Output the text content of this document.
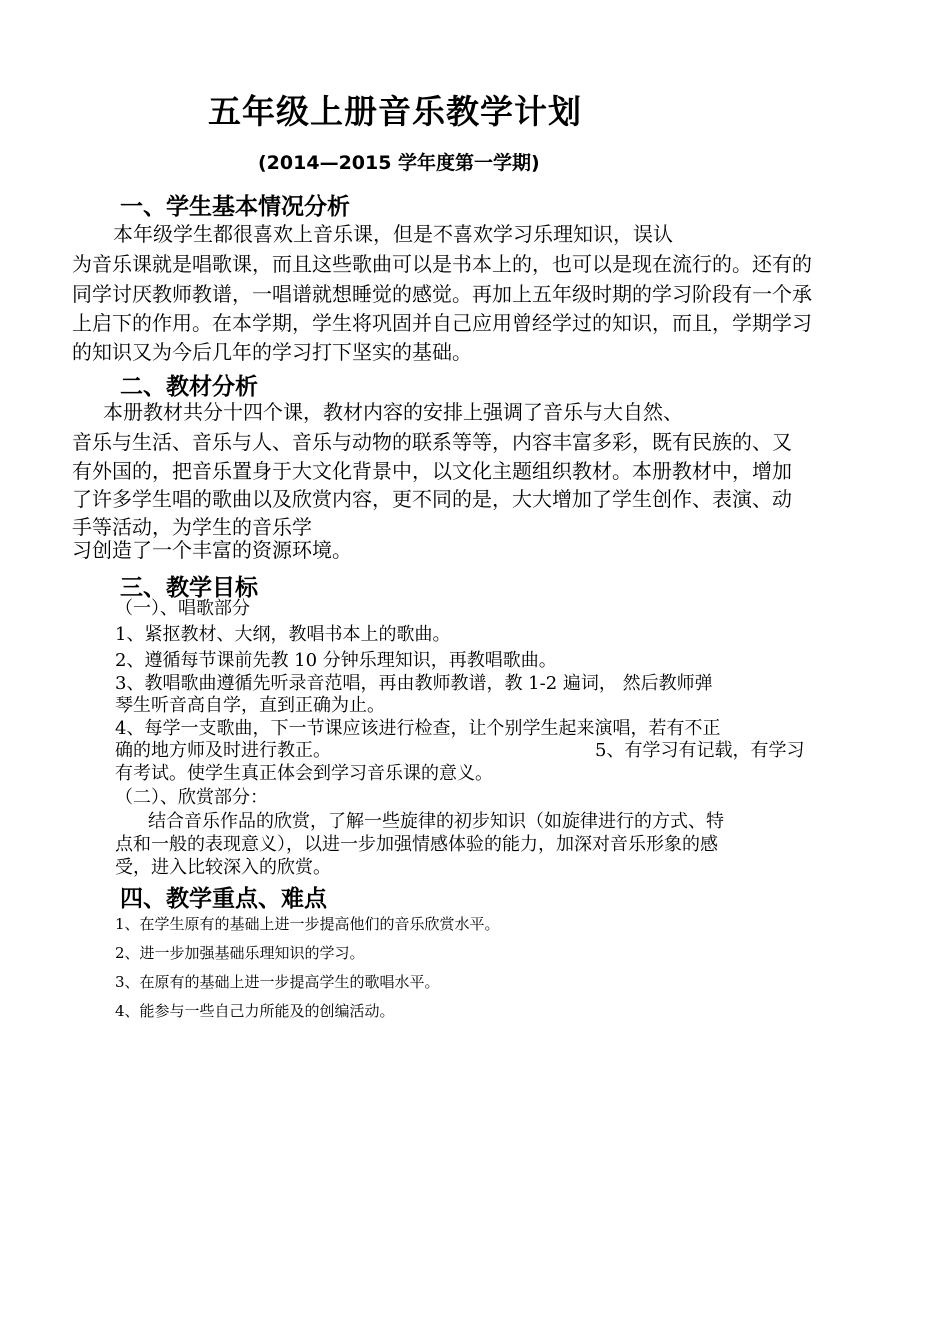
五年级上册音乐教学计划
(2014—2015 学年度第一学期)
一、学生基本情况分析
本年级学生都很喜欢上音乐课，但是不喜欢学习乐理知识，误认
为音乐课就是唱歌课，而且这些歌曲可以是书本上的，也可以是现在流行的。还有的
同学讨厌教师教谱，一唱谱就想睡觉的感觉。再加上五年级时期的学习阶段有一个承
上启下的作用。在本学期，学生将巩固并自己应用曾经学过的知识，而且，学期学习
的知识又为今后几年的学习打下坚实的基础。
二、教材分析
本册教材共分十四个课，教材内容的安排上强调了音乐与大自然、
音乐与生活、音乐与人、音乐与动物的联系等等，内容丰富多彩，既有民族的、又
有外国的，把音乐置身于大文化背景中，以文化主题组织教材。本册教材中，增加
了许多学生唱的歌曲以及欣赏内容，更不同的是，大大增加了学生创作、表演、动
手等活动，为学生的音乐学
习创造了一个丰富的资源环境。
三、教学目标
（一）、唱歌部分
1、紧抠教材、大纲，教唱书本上的歌曲。
2、遵循每节课前先教 10 分钟乐理知识，再教唱歌曲。
3、教唱歌曲遵循先听录音范唱，再由教师教谱，教 1-2 遍词， 然后教师弹
琴生听音高自学，直到正确为止。
4、每学一支歌曲，下一节课应该进行检查，让个别学生起来演唱，若有不正
确的地方师及时进行教正。	5、有学习有记载，有学习
有考试。使学生真正体会到学习音乐课的意义。
（二）、欣赏部分：
结合音乐作品的欣赏，了解一些旋律的初步知识（如旋律进行的方式、特
点和一般的表现意义），以进一步加强情感体验的能力，加深对音乐形象的感
受，进入比较深入的欣赏。
四、教学重点、难点
1、在学生原有的基础上进一步提高他们的音乐欣赏水平。
2、进一步加强基础乐理知识的学习。
3、在原有的基础上进一步提高学生的歌唱水平。
4、能参与一些自己力所能及的创编活动。
